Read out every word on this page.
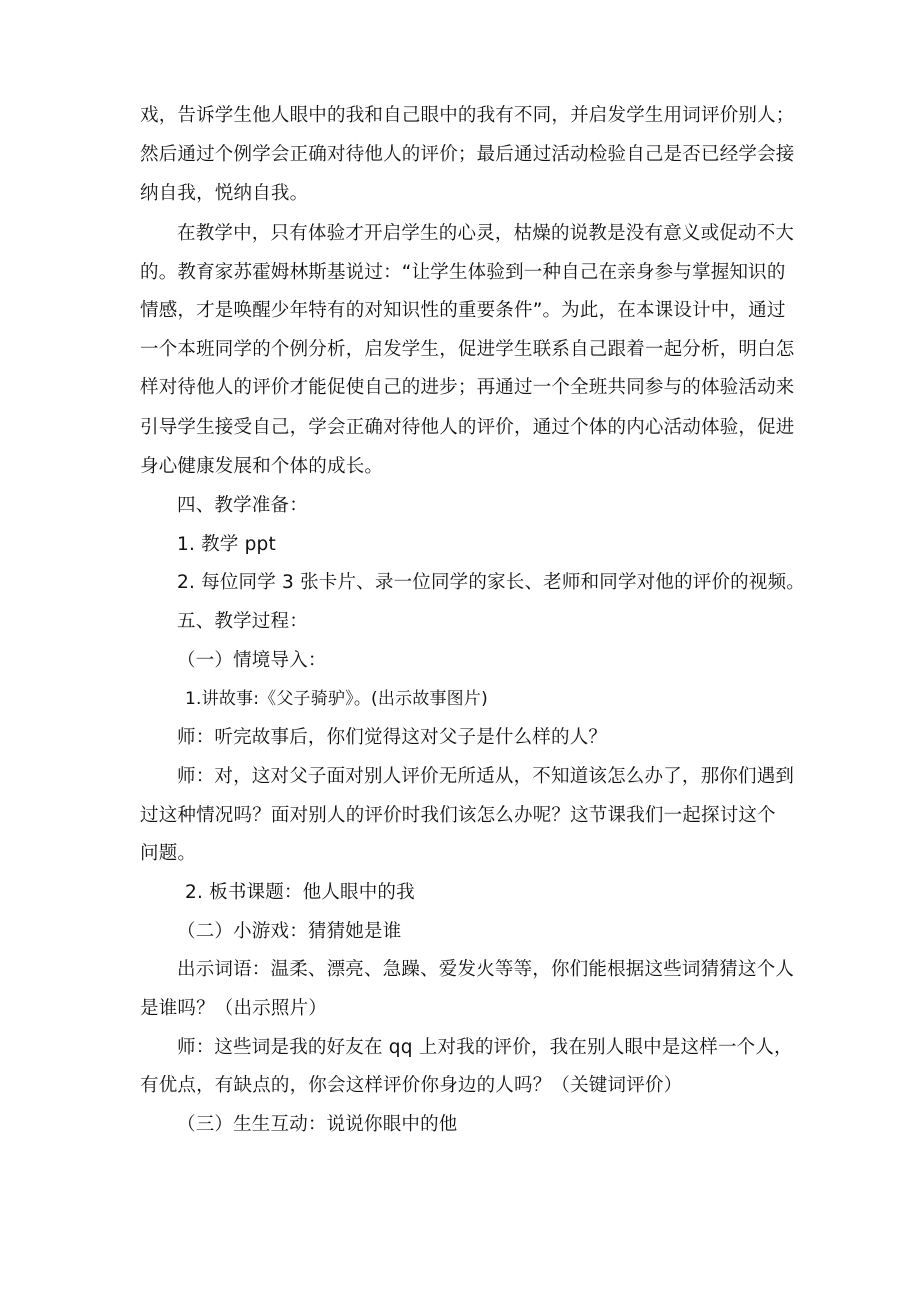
戏，告诉学生他人眼中的我和自己眼中的我有不同，并启发学生用词评价别人；
然后通过个例学会正确对待他人的评价；最后通过活动检验自己是否已经学会接
纳自我，悦纳自我。
在教学中，只有体验才开启学生的心灵，枯燥的说教是没有意义或促动不大
的。教育家苏霍姆林斯基说过：“让学生体验到一种自己在亲身参与掌握知识的
情感，才是唤醒少年特有的对知识性的重要条件”。为此，在本课设计中，通过
一个本班同学的个例分析，启发学生，促进学生联系自己跟着一起分析，明白怎
样对待他人的评价才能促使自己的进步；再通过一个全班共同参与的体验活动来
引导学生接受自己，学会正确对待他人的评价，通过个体的内心活动体验，促进
身心健康发展和个体的成长。
四、教学准备：
1. 教学 ppt
2. 每位同学 3 张卡片、录一位同学的家长、老师和同学对他的评价的视频。
五、教学过程：
（一）情境导入：
1.讲故事:《父子骑驴》。(出示故事图片)
师：听完故事后，你们觉得这对父子是什么样的人？
师：对，这对父子面对别人评价无所适从，不知道该怎么办了，那你们遇到
过这种情况吗？面对别人的评价时我们该怎么办呢？这节课我们一起探讨这个
问题。
2. 板书课题：他人眼中的我
（二）小游戏：猜猜她是谁
出示词语：温柔、漂亮、急躁、爱发火等等，你们能根据这些词猜猜这个人
是谁吗？（出示照片）
师：这些词是我的好友在 qq 上对我的评价，我在别人眼中是这样一个人，
有优点，有缺点的，你会这样评价你身边的人吗？（关键词评价）
（三）生生互动：说说你眼中的他
